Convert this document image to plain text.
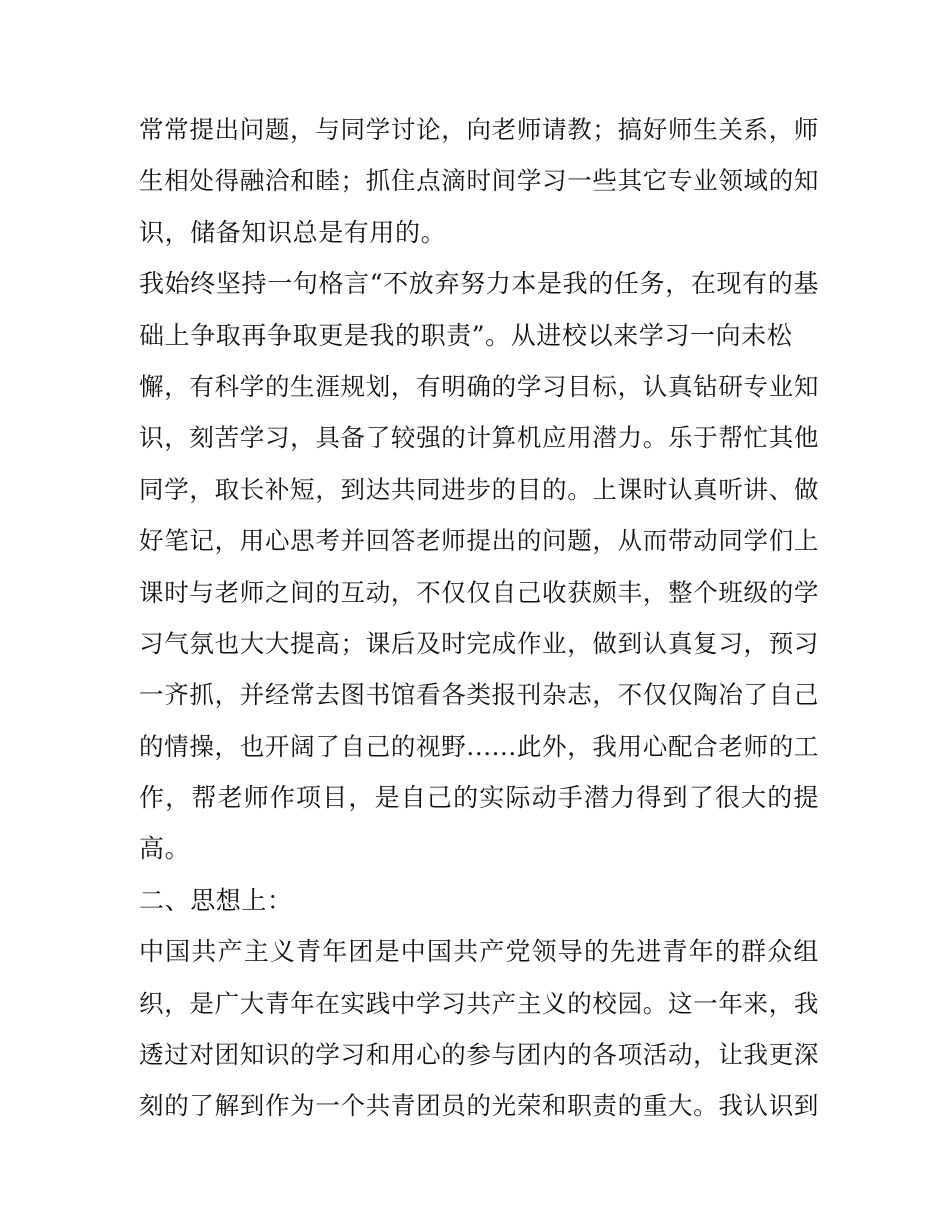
常常提出问题，与同学讨论，向老师请教；搞好师生关系，师
生相处得融洽和睦；抓住点滴时间学习一些其它专业领域的知
识，储备知识总是有用的。
我始终坚持一句格言“不放弃努力本是我的任务，在现有的基
础上争取再争取更是我的职责”。从进校以来学习一向未松
懈，有科学的生涯规划，有明确的学习目标，认真钻研专业知
识，刻苦学习，具备了较强的计算机应用潜力。乐于帮忙其他
同学，取长补短，到达共同进步的目的。上课时认真听讲、做
好笔记，用心思考并回答老师提出的问题，从而带动同学们上
课时与老师之间的互动，不仅仅自己收获颇丰，整个班级的学
习气氛也大大提高；课后及时完成作业，做到认真复习，预习
一齐抓，并经常去图书馆看各类报刊杂志，不仅仅陶冶了自己
的情操，也开阔了自己的视野......此外，我用心配合老师的工
作，帮老师作项目，是自己的实际动手潜力得到了很大的提
高。
二、思想上：
中国共产主义青年团是中国共产党领导的先进青年的群众组
织，是广大青年在实践中学习共产主义的校园。这一年来，我
透过对团知识的学习和用心的参与团内的各项活动，让我更深
刻的了解到作为一个共青团员的光荣和职责的重大。我认识到
